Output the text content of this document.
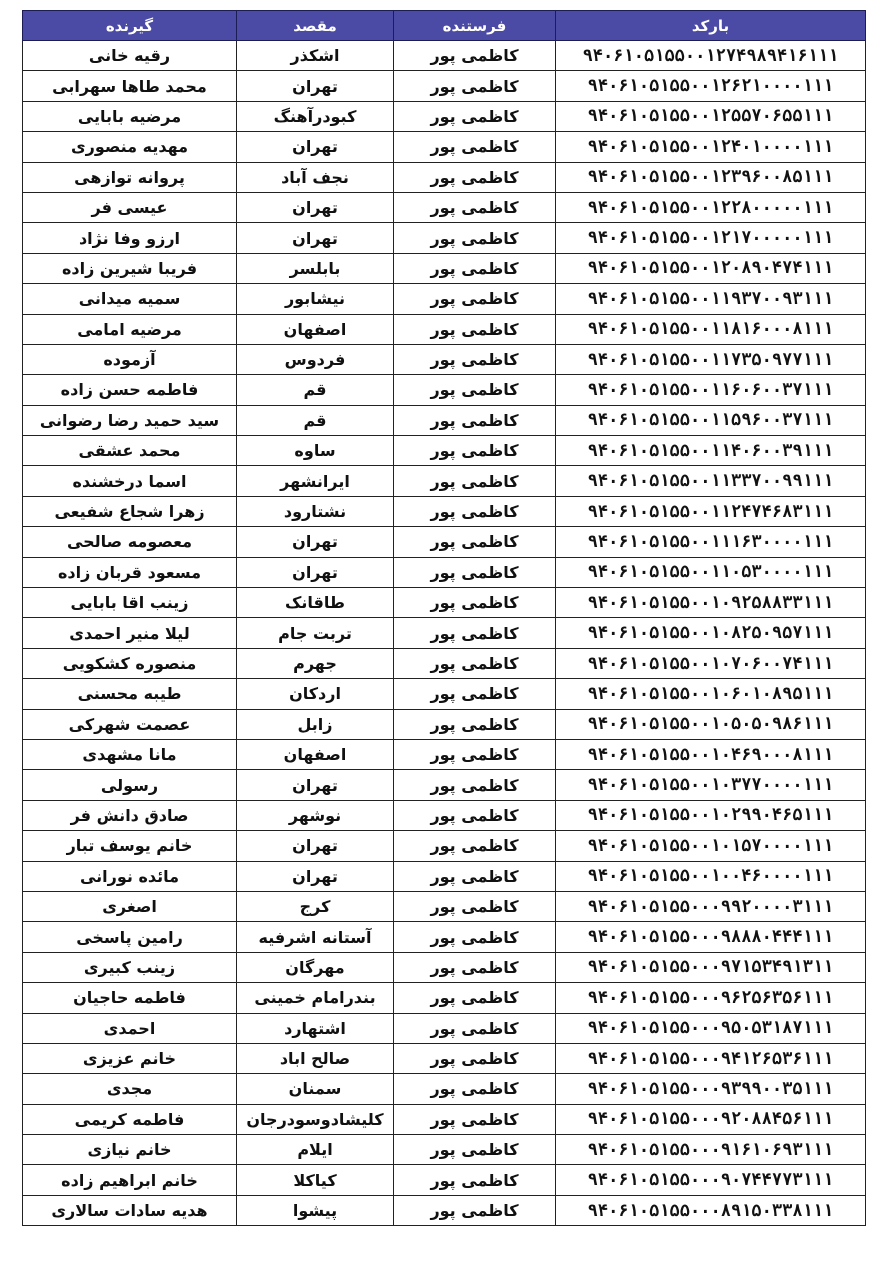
بارکد	فرستنده	مقصد	گیرنده
۹۴۰۶۱۰۵۱۵۵۰۰۱۲۷۴۹۸۹۴۱۶۱۱۱	کاظمی پور	اشکذر	رقیه خانی
۹۴۰۶۱۰۵۱۵۵۰۰۱۲۶۲۱۰۰۰۰۱۱۱	کاظمی پور	تهران	محمد طاها سهرابی
۹۴۰۶۱۰۵۱۵۵۰۰۱۲۵۵۷۰۶۵۵۱۱۱	کاظمی پور	کبودرآهنگ	مرضیه بابایی
۹۴۰۶۱۰۵۱۵۵۰۰۱۲۴۰۱۰۰۰۰۱۱۱	کاظمی پور	تهران	مهدیه منصوری
۹۴۰۶۱۰۵۱۵۵۰۰۱۲۳۹۶۰۰۸۵۱۱۱	کاظمی پور	نجف آباد	پروانه توازهی
۹۴۰۶۱۰۵۱۵۵۰۰۱۲۲۸۰۰۰۰۰۱۱۱	کاظمی پور	تهران	عیسی فر
۹۴۰۶۱۰۵۱۵۵۰۰۱۲۱۷۰۰۰۰۰۱۱۱	کاظمی پور	تهران	ارزو وفا نژاد
۹۴۰۶۱۰۵۱۵۵۰۰۱۲۰۸۹۰۴۷۴۱۱۱	کاظمی پور	بابلسر	فریبا شیرین زاده
۹۴۰۶۱۰۵۱۵۵۰۰۱۱۹۳۷۰۰۹۳۱۱۱	کاظمی پور	نیشابور	سمیه میدانی
۹۴۰۶۱۰۵۱۵۵۰۰۱۱۸۱۶۰۰۰۸۱۱۱	کاظمی پور	اصفهان	مرضیه امامی
۹۴۰۶۱۰۵۱۵۵۰۰۱۱۷۳۵۰۹۷۷۱۱۱	کاظمی پور	فردوس	آزموده
۹۴۰۶۱۰۵۱۵۵۰۰۱۱۶۰۶۰۰۳۷۱۱۱	کاظمی پور	قم	فاطمه حسن زاده
۹۴۰۶۱۰۵۱۵۵۰۰۱۱۵۹۶۰۰۳۷۱۱۱	کاظمی پور	قم	سید حمید رضا رضوانی
۹۴۰۶۱۰۵۱۵۵۰۰۱۱۴۰۶۰۰۳۹۱۱۱	کاظمی پور	ساوه	محمد عشقی
۹۴۰۶۱۰۵۱۵۵۰۰۱۱۳۳۷۰۰۹۹۱۱۱	کاظمی پور	ایرانشهر	اسما درخشنده
۹۴۰۶۱۰۵۱۵۵۰۰۱۱۲۴۷۴۶۸۳۱۱۱	کاظمی پور	نشتارود	زهرا شجاع شفیعی
۹۴۰۶۱۰۵۱۵۵۰۰۱۱۱۶۳۰۰۰۰۱۱۱	کاظمی پور	تهران	معصومه صالحی
۹۴۰۶۱۰۵۱۵۵۰۰۱۱۰۵۳۰۰۰۰۱۱۱	کاظمی پور	تهران	مسعود قربان زاده
۹۴۰۶۱۰۵۱۵۵۰۰۱۰۹۲۵۸۸۳۳۱۱۱	کاظمی پور	طاقانک	زینب اقا بابایی
۹۴۰۶۱۰۵۱۵۵۰۰۱۰۸۲۵۰۹۵۷۱۱۱	کاظمی پور	تربت جام	لیلا منیر احمدی
۹۴۰۶۱۰۵۱۵۵۰۰۱۰۷۰۶۰۰۷۴۱۱۱	کاظمی پور	جهرم	منصوره کشکویی
۹۴۰۶۱۰۵۱۵۵۰۰۱۰۶۰۱۰۸۹۵۱۱۱	کاظمی پور	اردکان	طیبه محسنی
۹۴۰۶۱۰۵۱۵۵۰۰۱۰۵۰۵۰۹۸۶۱۱۱	کاظمی پور	زابل	عصمت شهرکی
۹۴۰۶۱۰۵۱۵۵۰۰۱۰۴۶۹۰۰۰۸۱۱۱	کاظمی پور	اصفهان	مانا مشهدی
۹۴۰۶۱۰۵۱۵۵۰۰۱۰۳۷۷۰۰۰۰۱۱۱	کاظمی پور	تهران	رسولی
۹۴۰۶۱۰۵۱۵۵۰۰۱۰۲۹۹۰۴۶۵۱۱۱	کاظمی پور	نوشهر	صادق دانش فر
۹۴۰۶۱۰۵۱۵۵۰۰۱۰۱۵۷۰۰۰۰۱۱۱	کاظمی پور	تهران	خانم یوسف تبار
۹۴۰۶۱۰۵۱۵۵۰۰۱۰۰۴۶۰۰۰۰۱۱۱	کاظمی پور	تهران	مائده نورانی
۹۴۰۶۱۰۵۱۵۵۰۰۰۹۹۲۰۰۰۰۳۱۱۱	کاظمی پور	کرج	اصغری
۹۴۰۶۱۰۵۱۵۵۰۰۰۹۸۸۸۰۴۴۴۱۱۱	کاظمی پور	آستانه اشرفیه	رامین پاسخی
۹۴۰۶۱۰۵۱۵۵۰۰۰۹۷۱۵۳۴۹۱۳۱۱	کاظمی پور	مهرگان	زینب کبیری
۹۴۰۶۱۰۵۱۵۵۰۰۰۹۶۲۵۶۳۵۶۱۱۱	کاظمی پور	بندرامام خمینی	فاطمه حاجیان
۹۴۰۶۱۰۵۱۵۵۰۰۰۹۵۰۵۳۱۸۷۱۱۱	کاظمی پور	اشتهارد	احمدی
۹۴۰۶۱۰۵۱۵۵۰۰۰۹۴۱۲۶۵۳۶۱۱۱	کاظمی پور	صالح اباد	خانم عزیزی
۹۴۰۶۱۰۵۱۵۵۰۰۰۹۳۹۹۰۰۳۵۱۱۱	کاظمی پور	سمنان	مجدی
۹۴۰۶۱۰۵۱۵۵۰۰۰۹۲۰۸۸۴۵۶۱۱۱	کاظمی پور	کلیشادوسودرجان	فاطمه کریمی
۹۴۰۶۱۰۵۱۵۵۰۰۰۹۱۶۱۰۶۹۳۱۱۱	کاظمی پور	ایلام	خانم نیازی
۹۴۰۶۱۰۵۱۵۵۰۰۰۹۰۷۴۴۷۷۳۱۱۱	کاظمی پور	کیاکلا	خانم ابراهیم زاده
۹۴۰۶۱۰۵۱۵۵۰۰۰۸۹۱۵۰۳۳۸۱۱۱	کاظمی پور	پیشوا	هدیه سادات سالاری
